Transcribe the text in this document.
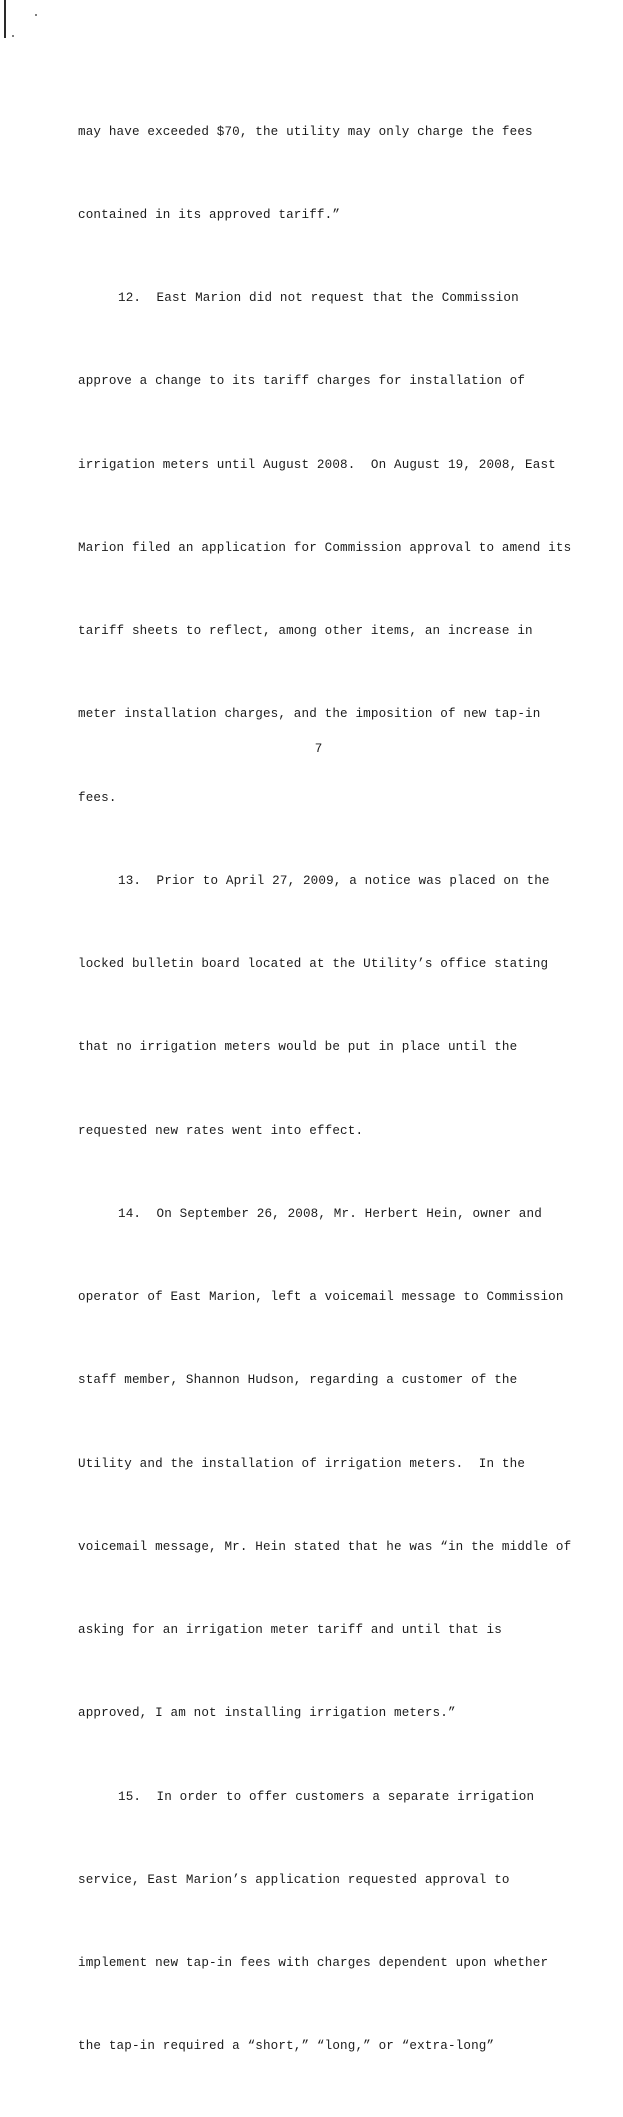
may have exceeded $70, the utility may only charge the fees

contained in its approved tariff.”

12.  East Marion did not request that the Commission

approve a change to its tariff charges for installation of

irrigation meters until August 2008.  On August 19, 2008, East

Marion filed an application for Commission approval to amend its

tariff sheets to reflect, among other items, an increase in

meter installation charges, and the imposition of new tap-in

fees.

13.  Prior to April 27, 2009, a notice was placed on the

locked bulletin board located at the Utility’s office stating

that no irrigation meters would be put in place until the

requested new rates went into effect.

14.  On September 26, 2008, Mr. Herbert Hein, owner and

operator of East Marion, left a voicemail message to Commission

staff member, Shannon Hudson, regarding a customer of the

Utility and the installation of irrigation meters.  In the

voicemail message, Mr. Hein stated that he was “in the middle of

asking for an irrigation meter tariff and until that is

approved, I am not installing irrigation meters.”

15.  In order to offer customers a separate irrigation

service, East Marion’s application requested approval to

implement new tap-in fees with charges dependent upon whether

the tap-in required a “short,” “long,” or “extra-long”

7
